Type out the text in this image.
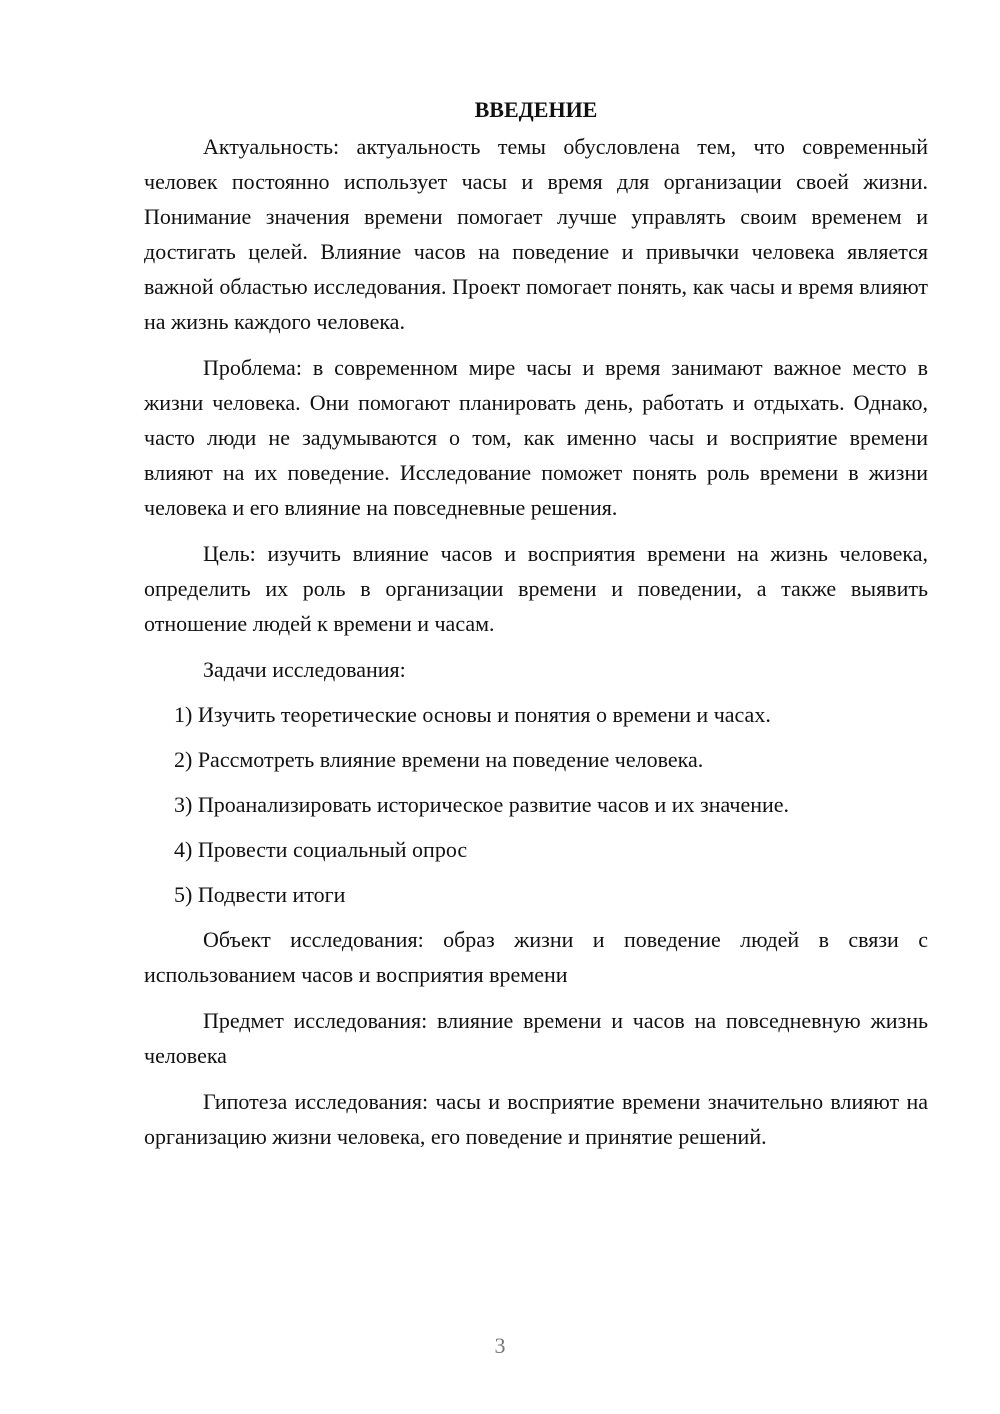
ВВЕДЕНИЕ

Актуальность: актуальность темы обусловлена тем, что современный человек постоянно использует часы и время для организации своей жизни. Понимание значения времени помогает лучше управлять своим временем и достигать целей. Влияние часов на поведение и привычки человека является важной областью исследования. Проект помогает понять, как часы и время влияют на жизнь каждого человека.

Проблема: в современном мире часы и время занимают важное место в жизни человека. Они помогают планировать день, работать и отдыхать. Однако, часто люди не задумываются о том, как именно часы и восприятие времени влияют на их поведение. Исследование поможет понять роль времени в жизни человека и его влияние на повседневные решения.

Цель: изучить влияние часов и восприятия времени на жизнь человека, определить их роль в организации времени и поведении, а также выявить отношение людей к времени и часам.

Задачи исследования:

1) Изучить теоретические основы и понятия о времени и часах.

2) Рассмотреть влияние времени на поведение человека.

3) Проанализировать историческое развитие часов и их значение.

4) Провести социальный опрос

5) Подвести итоги

Объект исследования: образ жизни и поведение людей в связи с использованием часов и восприятия времени

Предмет исследования: влияние времени и часов на повседневную жизнь человека

Гипотеза исследования: часы и восприятие времени значительно влияют на организацию жизни человека, его поведение и принятие решений.

3
